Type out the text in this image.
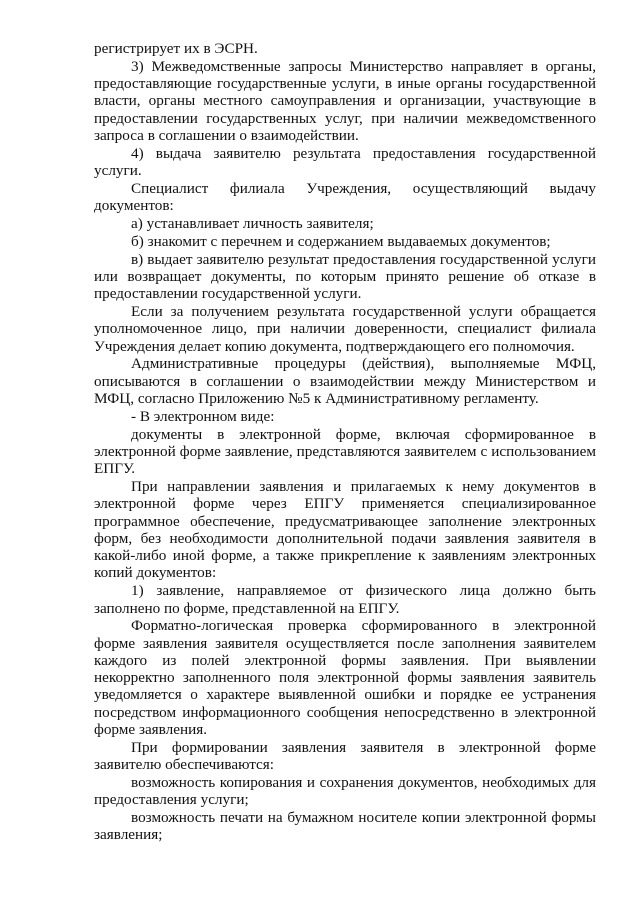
регистрирует их в ЭСРН.

3) Межведомственные запросы Министерство направляет в органы, предоставляющие государственные услуги, в иные органы государственной власти, органы местного самоуправления и организации, участвующие в предоставлении государственных услуг, при наличии межведомственного запроса в соглашении о взаимодействии.

4) выдача заявителю результата предоставления государственной услуги.

Специалист филиала Учреждения, осуществляющий выдачу документов:

а) устанавливает личность заявителя;

б) знакомит с перечнем и содержанием выдаваемых документов;

в) выдает заявителю результат предоставления государственной услуги или возвращает документы, по которым принято решение об отказе в предоставлении государственной услуги.

Если за получением результата государственной услуги обращается уполномоченное лицо, при наличии доверенности, специалист филиала Учреждения делает копию документа, подтверждающего его полномочия.

Административные процедуры (действия), выполняемые МФЦ, описываются в соглашении о взаимодействии между Министерством и МФЦ, согласно Приложению №5 к Административному регламенту.

- В электронном виде:

документы в электронной форме, включая сформированное в электронной форме заявление, представляются заявителем с использованием ЕПГУ.

При направлении заявления и прилагаемых к нему документов в электронной форме через ЕПГУ применяется специализированное программное обеспечение, предусматривающее заполнение электронных форм, без необходимости дополнительной подачи заявления заявителя в какой-либо иной форме, а также прикрепление к заявлениям электронных копий документов:

1) заявление, направляемое от физического лица должно быть заполнено по форме, представленной на ЕПГУ.

Форматно-логическая проверка сформированного в электронной форме заявления заявителя осуществляется после заполнения заявителем каждого из полей электронной формы заявления. При выявлении некорректно заполненного поля электронной формы заявления заявитель уведомляется о характере выявленной ошибки и порядке ее устранения посредством информационного сообщения непосредственно в электронной форме заявления.

При формировании заявления заявителя в электронной форме заявителю обеспечиваются:

возможность копирования и сохранения документов, необходимых для предоставления услуги;

возможность печати на бумажном носителе копии электронной формы заявления;
